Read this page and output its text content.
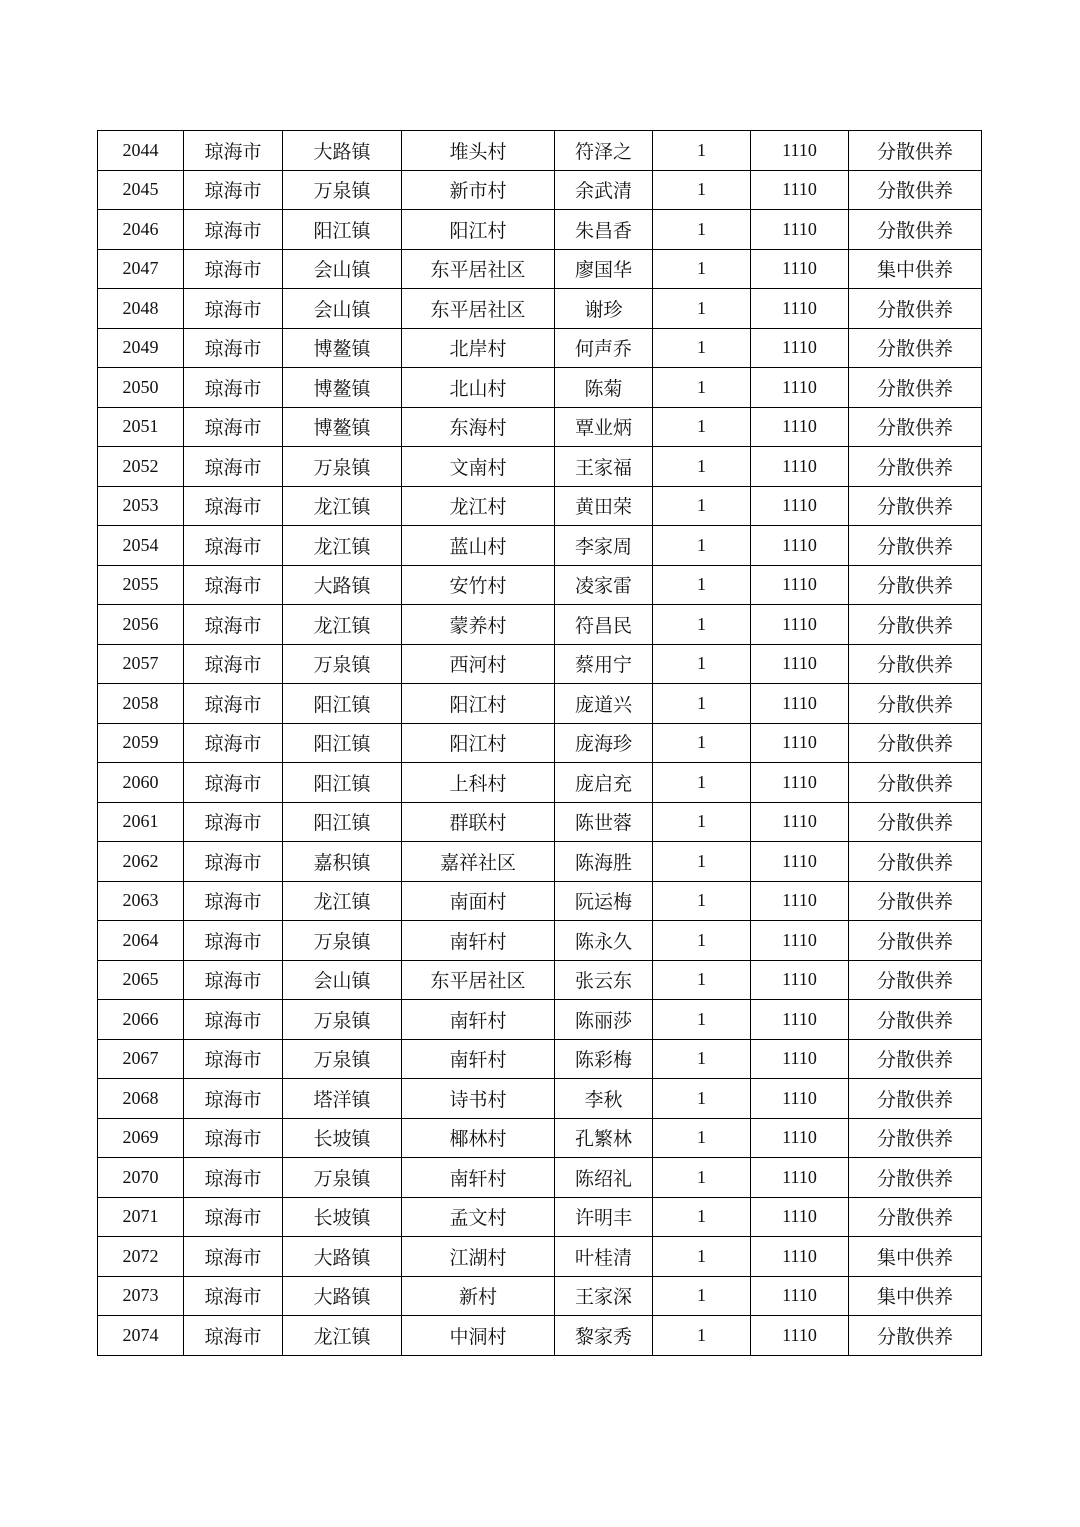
2044	琼海市	大路镇	堆头村	符泽之	1	1110	分散供养
2045	琼海市	万泉镇	新市村	余武清	1	1110	分散供养
2046	琼海市	阳江镇	阳江村	朱昌香	1	1110	分散供养
2047	琼海市	会山镇	东平居社区	廖国华	1	1110	集中供养
2048	琼海市	会山镇	东平居社区	谢珍	1	1110	分散供养
2049	琼海市	博鳌镇	北岸村	何声乔	1	1110	分散供养
2050	琼海市	博鳌镇	北山村	陈菊	1	1110	分散供养
2051	琼海市	博鳌镇	东海村	覃业炳	1	1110	分散供养
2052	琼海市	万泉镇	文南村	王家福	1	1110	分散供养
2053	琼海市	龙江镇	龙江村	黄田荣	1	1110	分散供养
2054	琼海市	龙江镇	蓝山村	李家周	1	1110	分散供养
2055	琼海市	大路镇	安竹村	凌家雷	1	1110	分散供养
2056	琼海市	龙江镇	蒙养村	符昌民	1	1110	分散供养
2057	琼海市	万泉镇	西河村	蔡用宁	1	1110	分散供养
2058	琼海市	阳江镇	阳江村	庞道兴	1	1110	分散供养
2059	琼海市	阳江镇	阳江村	庞海珍	1	1110	分散供养
2060	琼海市	阳江镇	上科村	庞启充	1	1110	分散供养
2061	琼海市	阳江镇	群联村	陈世蓉	1	1110	分散供养
2062	琼海市	嘉积镇	嘉祥社区	陈海胜	1	1110	分散供养
2063	琼海市	龙江镇	南面村	阮运梅	1	1110	分散供养
2064	琼海市	万泉镇	南轩村	陈永久	1	1110	分散供养
2065	琼海市	会山镇	东平居社区	张云东	1	1110	分散供养
2066	琼海市	万泉镇	南轩村	陈丽莎	1	1110	分散供养
2067	琼海市	万泉镇	南轩村	陈彩梅	1	1110	分散供养
2068	琼海市	塔洋镇	诗书村	李秋	1	1110	分散供养
2069	琼海市	长坡镇	椰林村	孔繁林	1	1110	分散供养
2070	琼海市	万泉镇	南轩村	陈绍礼	1	1110	分散供养
2071	琼海市	长坡镇	孟文村	许明丰	1	1110	分散供养
2072	琼海市	大路镇	江湖村	叶桂清	1	1110	集中供养
2073	琼海市	大路镇	新村	王家深	1	1110	集中供养
2074	琼海市	龙江镇	中洞村	黎家秀	1	1110	分散供养
